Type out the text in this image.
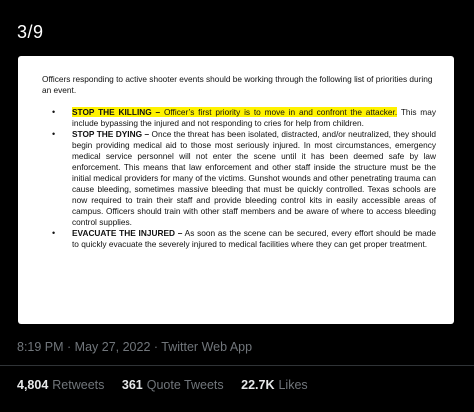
3/9

Officers responding to active shooter events should be working through the following list of priorities during an event.

• STOP THE KILLING – Officer’s first priority is to move in and confront the attacker. This may include bypassing the injured and not responding to cries for help from children.
• STOP THE DYING – Once the threat has been isolated, distracted, and/or neutralized, they should begin providing medical aid to those most seriously injured. In most circumstances, emergency medical service personnel will not enter the scene until it has been deemed safe by law enforcement. This means that law enforcement and other staff inside the structure must be the initial medical providers for many of the victims. Gunshot wounds and other penetrating trauma can cause bleeding, sometimes massive bleeding that must be quickly controlled. Texas schools are now required to train their staff and provide bleeding control kits in easily accessible areas of campus. Officers should train with other staff members and be aware of where to access bleeding control supplies.
• EVACUATE THE INJURED – As soon as the scene can be secured, every effort should be made to quickly evacuate the severely injured to medical facilities where they can get proper treatment.
8:19 PM · May 27, 2022 · Twitter Web App
4,804 Retweets 361 Quote Tweets 22.7K Likes
